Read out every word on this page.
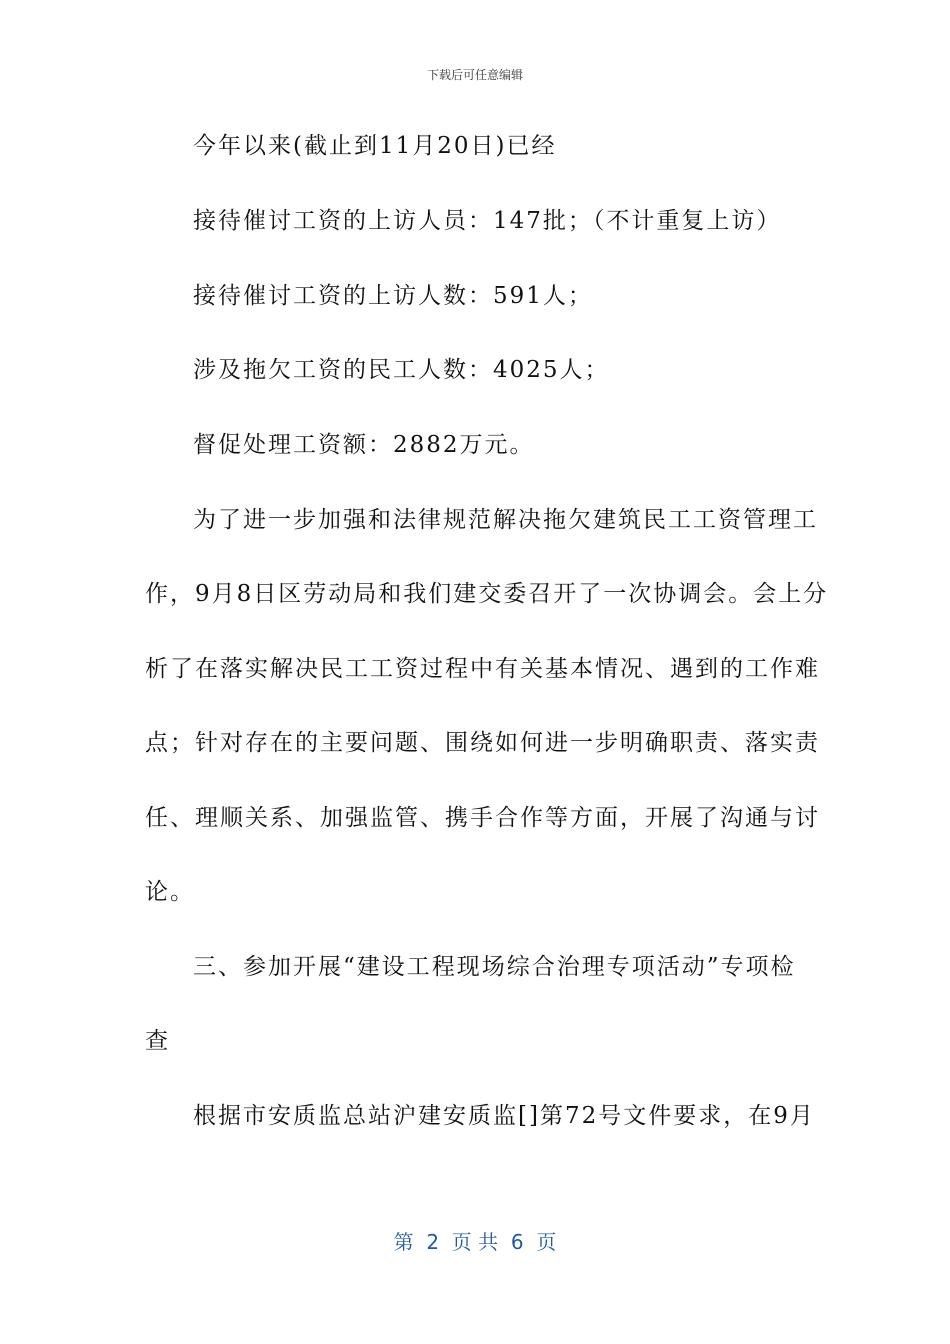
下载后可任意编辑
今年以来(截止到11月20日)已经
接待催讨工资的上访人员：147批；（不计重复上访）
接待催讨工资的上访人数：591人；
涉及拖欠工资的民工人数：4025人；
督促处理工资额：2882万元。
为了进一步加强和法律规范解决拖欠建筑民工工资管理工
作，9月8日区劳动局和我们建交委召开了一次协调会。会上分
析了在落实解决民工工资过程中有关基本情况、遇到的工作难
点；针对存在的主要问题、围绕如何进一步明确职责、落实责
任、理顺关系、加强监管、携手合作等方面，开展了沟通与讨
论。
三、参加开展“建设工程现场综合治理专项活动”专项检
查
根据市安质监总站沪建安质监[]第72号文件要求，在9月
第  2  页 共  6  页
